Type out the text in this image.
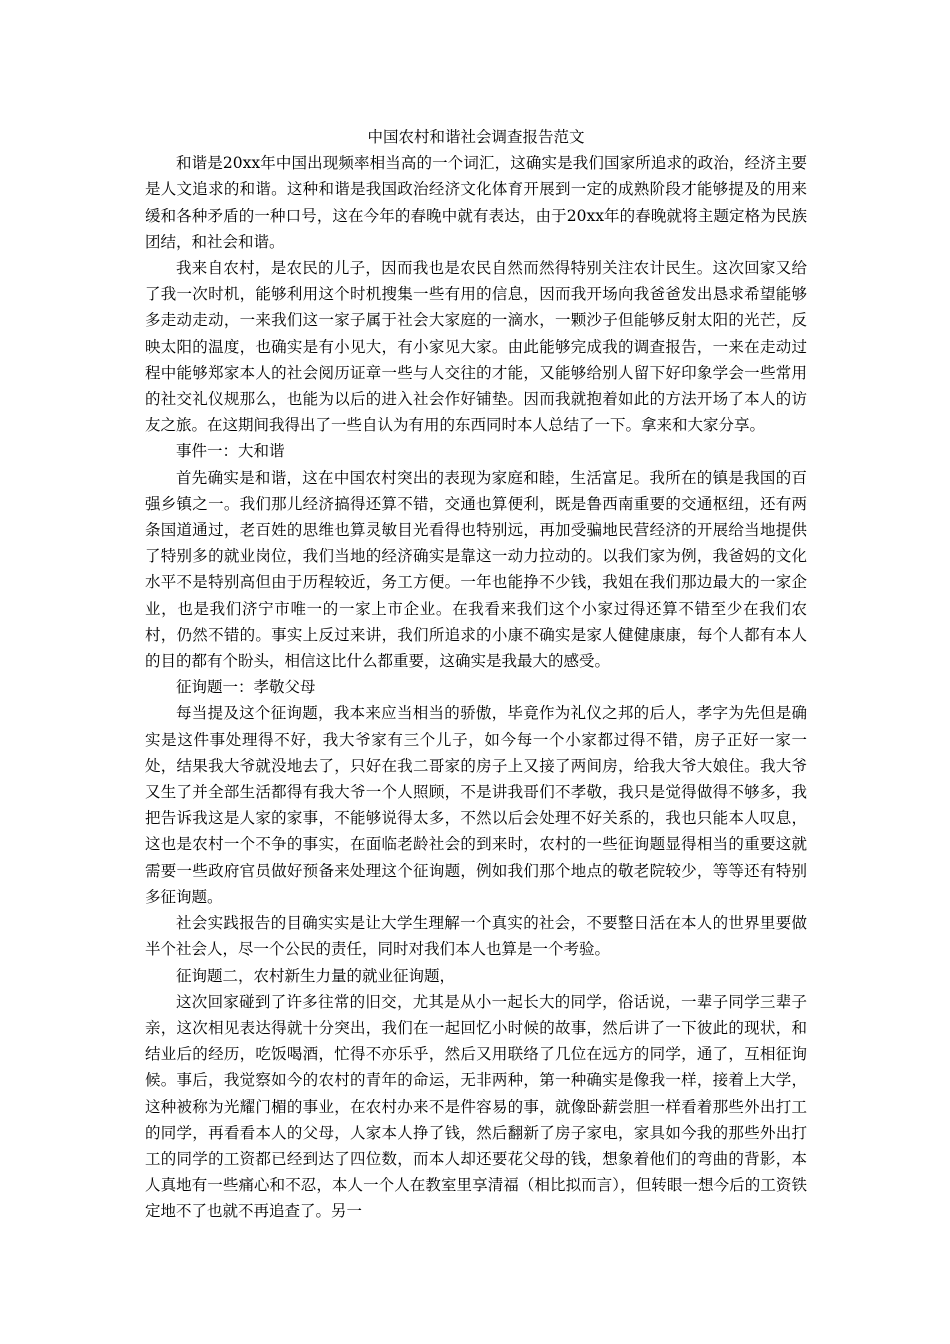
中国农村和谐社会调查报告范文

和谐是20xx年中国出现频率相当高的一个词汇，这确实是我们国家所追求的政治，经济主要是人文追求的和谐。这种和谐是我国政治经济文化体育开展到一定的成熟阶段才能够提及的用来缓和各种矛盾的一种口号，这在今年的春晚中就有表达，由于20xx年的春晚就将主题定格为民族团结，和社会和谐。

我来自农村，是农民的儿子，因而我也是农民自然而然得特别关注农计民生。这次回家又给了我一次时机，能够利用这个时机搜集一些有用的信息，因而我开场向我爸爸发出恳求希望能够多走动走动，一来我们这一家子属于社会大家庭的一滴水，一颗沙子但能够反射太阳的光芒，反映太阳的温度，也确实是有小见大，有小家见大家。由此能够完成我的调查报告，一来在走动过程中能够郑家本人的社会阅历证章一些与人交往的才能，又能够给别人留下好印象学会一些常用的社交礼仪规那么，也能为以后的进入社会作好铺垫。因而我就抱着如此的方法开场了本人的访友之旅。在这期间我得出了一些自认为有用的东西同时本人总结了一下。拿来和大家分享。

事件一：大和谐

首先确实是和谐，这在中国农村突出的表现为家庭和睦，生活富足。我所在的镇是我国的百强乡镇之一。我们那儿经济搞得还算不错，交通也算便利，既是鲁西南重要的交通枢纽，还有两条国道通过，老百姓的思维也算灵敏目光看得也特别远，再加受骗地民营经济的开展给当地提供了特别多的就业岗位，我们当地的经济确实是靠这一动力拉动的。以我们家为例，我爸妈的文化水平不是特别高但由于历程较近，务工方便。一年也能挣不少钱，我姐在我们那边最大的一家企业，也是我们济宁市唯一的一家上市企业。在我看来我们这个小家过得还算不错至少在我们农村，仍然不错的。事实上反过来讲，我们所追求的小康不确实是家人健健康康，每个人都有本人的目的都有个盼头，相信这比什么都重要，这确实是我最大的感受。

征询题一：孝敬父母

每当提及这个征询题，我本来应当相当的骄傲，毕竟作为礼仪之邦的后人，孝字为先但是确实是这件事处理得不好，我大爷家有三个儿子，如今每一个小家都过得不错，房子正好一家一处，结果我大爷就没地去了，只好在我二哥家的房子上又接了两间房，给我大爷大娘住。我大爷又生了并全部生活都得有我大爷一个人照顾，不是讲我哥们不孝敬，我只是觉得做得不够多，我把告诉我这是人家的家事，不能够说得太多，不然以后会处理不好关系的，我也只能本人叹息，这也是农村一个不争的事实，在面临老龄社会的到来时，农村的一些征询题显得相当的重要这就需要一些政府官员做好预备来处理这个征询题，例如我们那个地点的敬老院较少，等等还有特别多征询题。

社会实践报告的目确实实是让大学生理解一个真实的社会，不要整日活在本人的世界里要做半个社会人，尽一个公民的责任，同时对我们本人也算是一个考验。

征询题二，农村新生力量的就业征询题，

这次回家碰到了许多往常的旧交，尤其是从小一起长大的同学，俗话说，一辈子同学三辈子亲，这次相见表达得就十分突出，我们在一起回忆小时候的故事，然后讲了一下彼此的现状，和结业后的经历，吃饭喝酒，忙得不亦乐乎，然后又用联络了几位在远方的同学，通了，互相征询候。事后，我觉察如今的农村的青年的命运，无非两种，第一种确实是像我一样，接着上大学，这种被称为光耀门楣的事业，在农村办来不是件容易的事，就像卧薪尝胆一样看着那些外出打工的同学，再看看本人的父母，人家本人挣了钱，然后翻新了房子家电，家具如今我的那些外出打工的同学的工资都已经到达了四位数，而本人却还要花父母的钱，想象着他们的弯曲的背影，本人真地有一些痛心和不忍，本人一个人在教室里享清福（相比拟而言），但转眼一想今后的工资铁定地不了也就不再追查了。另一
